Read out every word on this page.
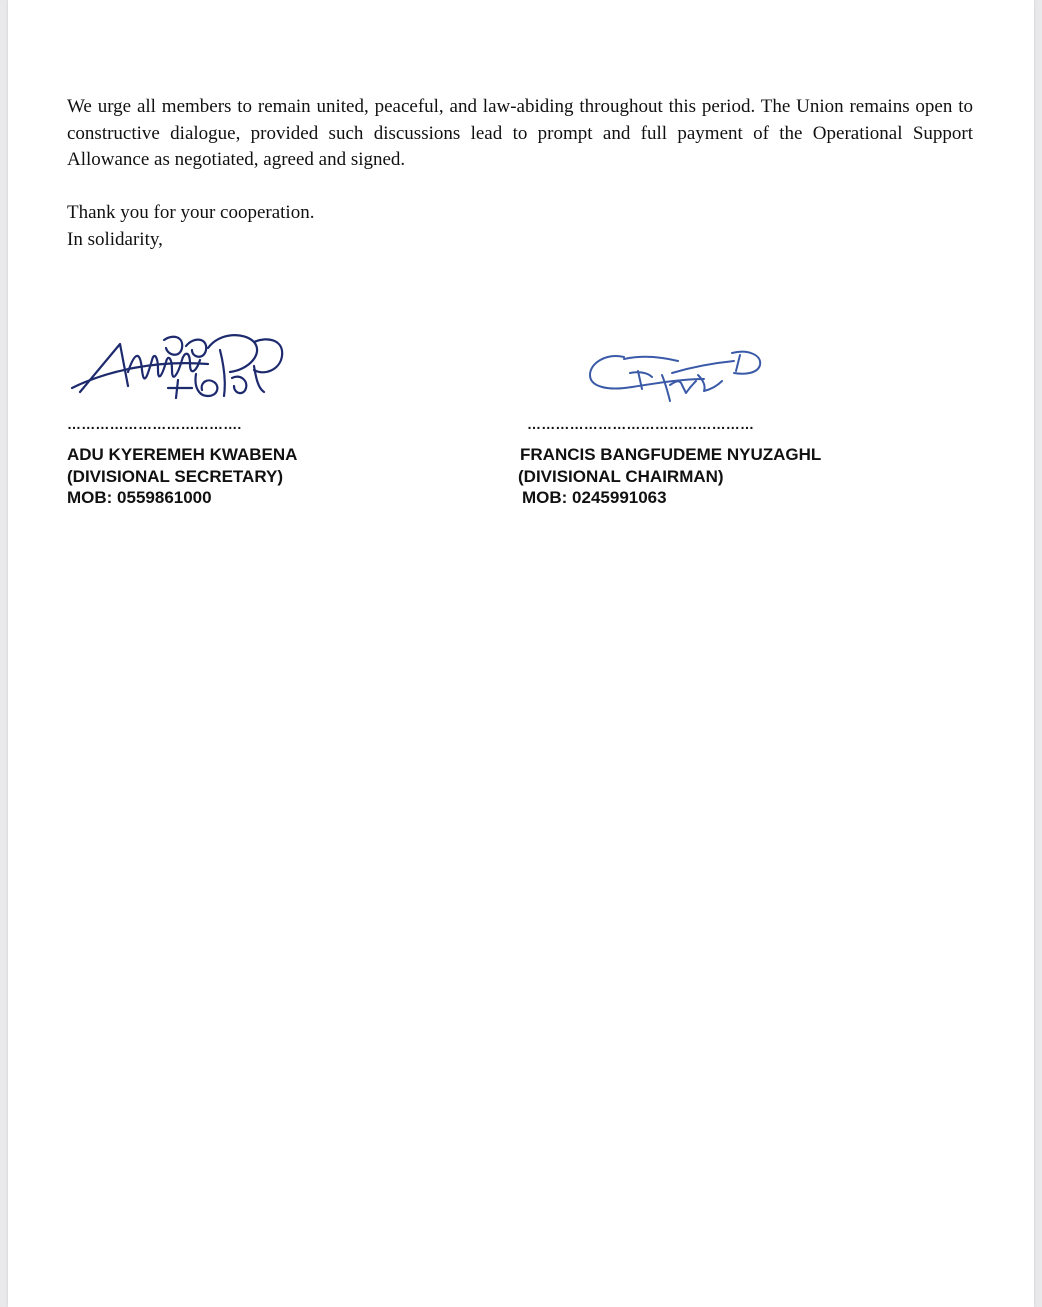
We urge all members to remain united, peaceful, and law-abiding throughout this period. The Union remains open to constructive dialogue, provided such discussions lead to prompt and full payment of the Operational Support Allowance as negotiated, agreed and signed.
Thank you for your cooperation.
In solidarity,
……………………………….	…………………………………………
ADU KYEREMEH KWABENA
(DIVISIONAL SECRETARY)
MOB: 0559861000
FRANCIS BANGFUDEME NYUZAGHL
(DIVISIONAL CHAIRMAN)
MOB: 0245991063
